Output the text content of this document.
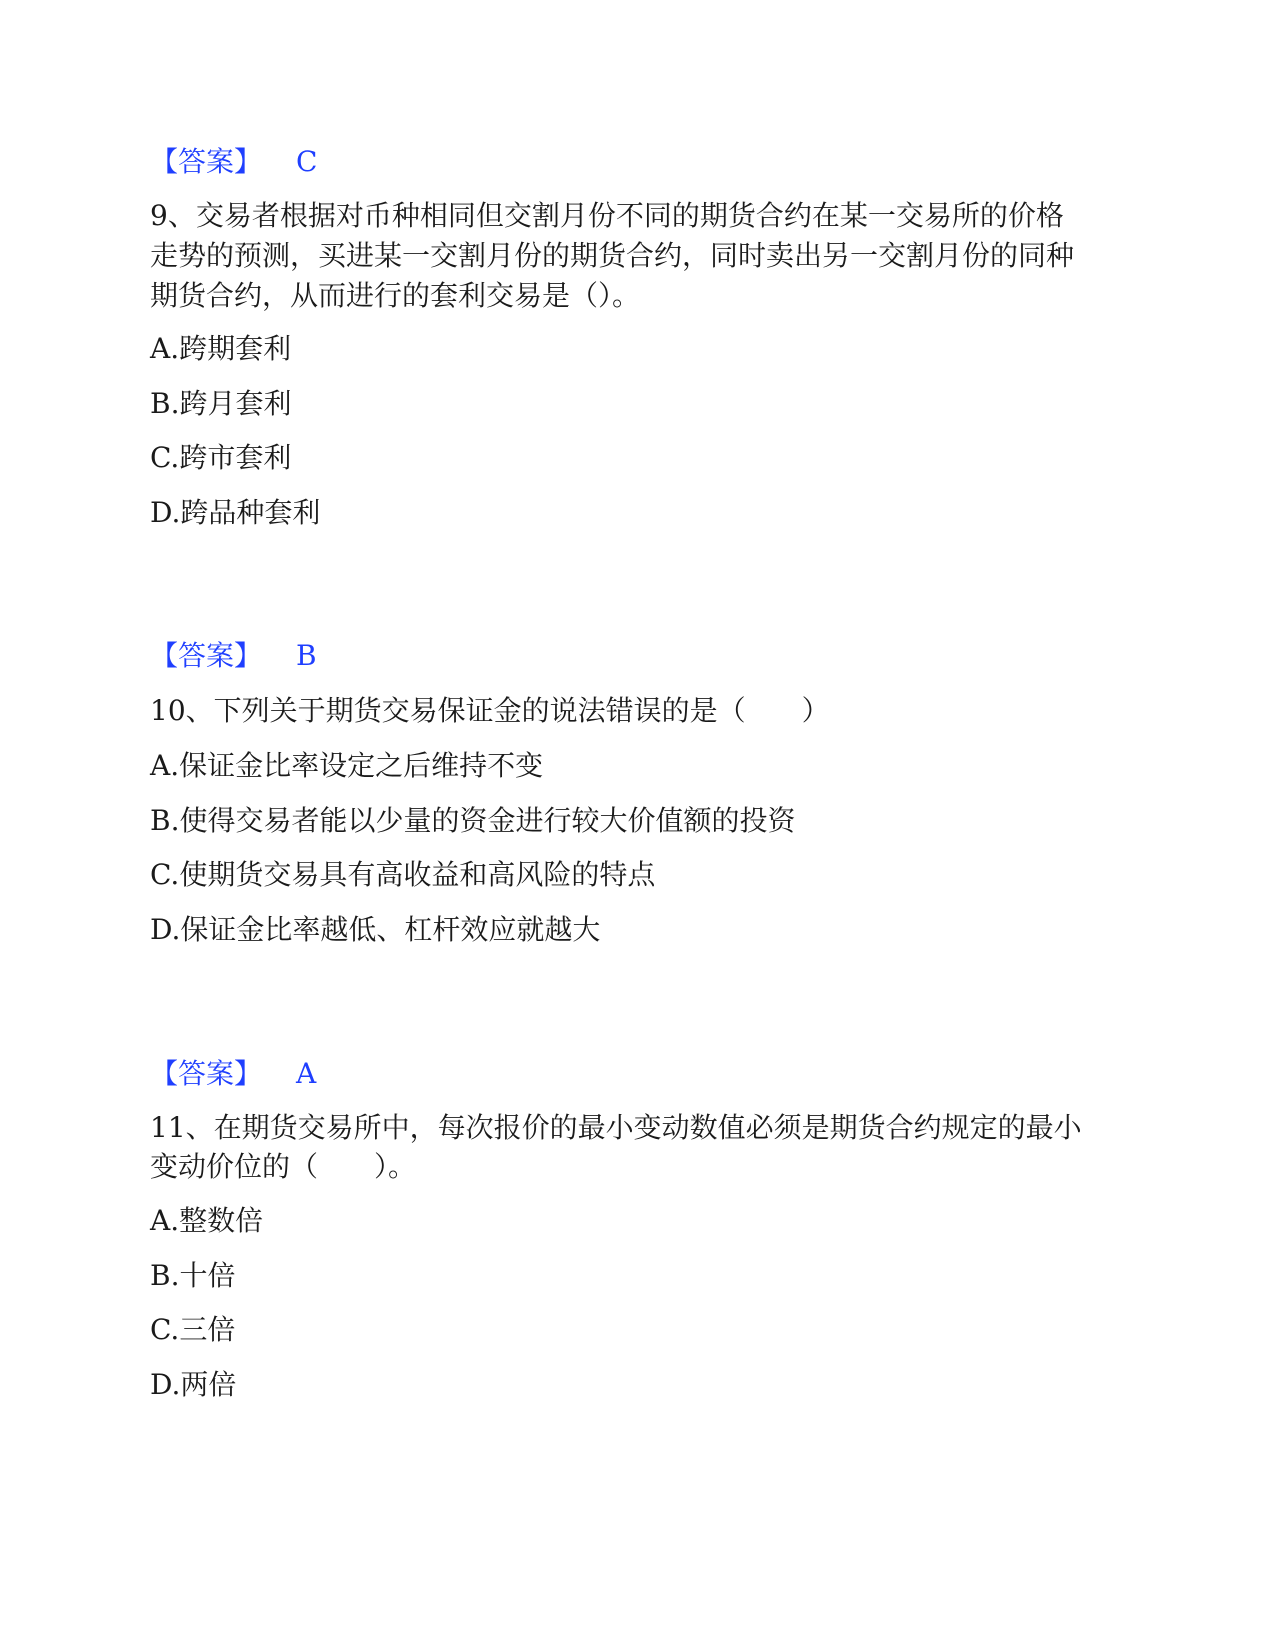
【答案】 C
9、交易者根据对币种相同但交割月份不同的期货合约在某一交易所的价格
走势的预测，买进某一交割月份的期货合约，同时卖出另一交割月份的同种
期货合约，从而进行的套利交易是（）。
A.跨期套利
B.跨月套利
C.跨市套利
D.跨品种套利
【答案】 B
10、下列关于期货交易保证金的说法错误的是（　　）
A.保证金比率设定之后维持不变
B.使得交易者能以少量的资金进行较大价值额的投资
C.使期货交易具有高收益和高风险的特点
D.保证金比率越低、杠杆效应就越大
【答案】 A
11、在期货交易所中，每次报价的最小变动数值必须是期货合约规定的最小
变动价位的（　　）。
A.整数倍
B.十倍
C.三倍
D.两倍
